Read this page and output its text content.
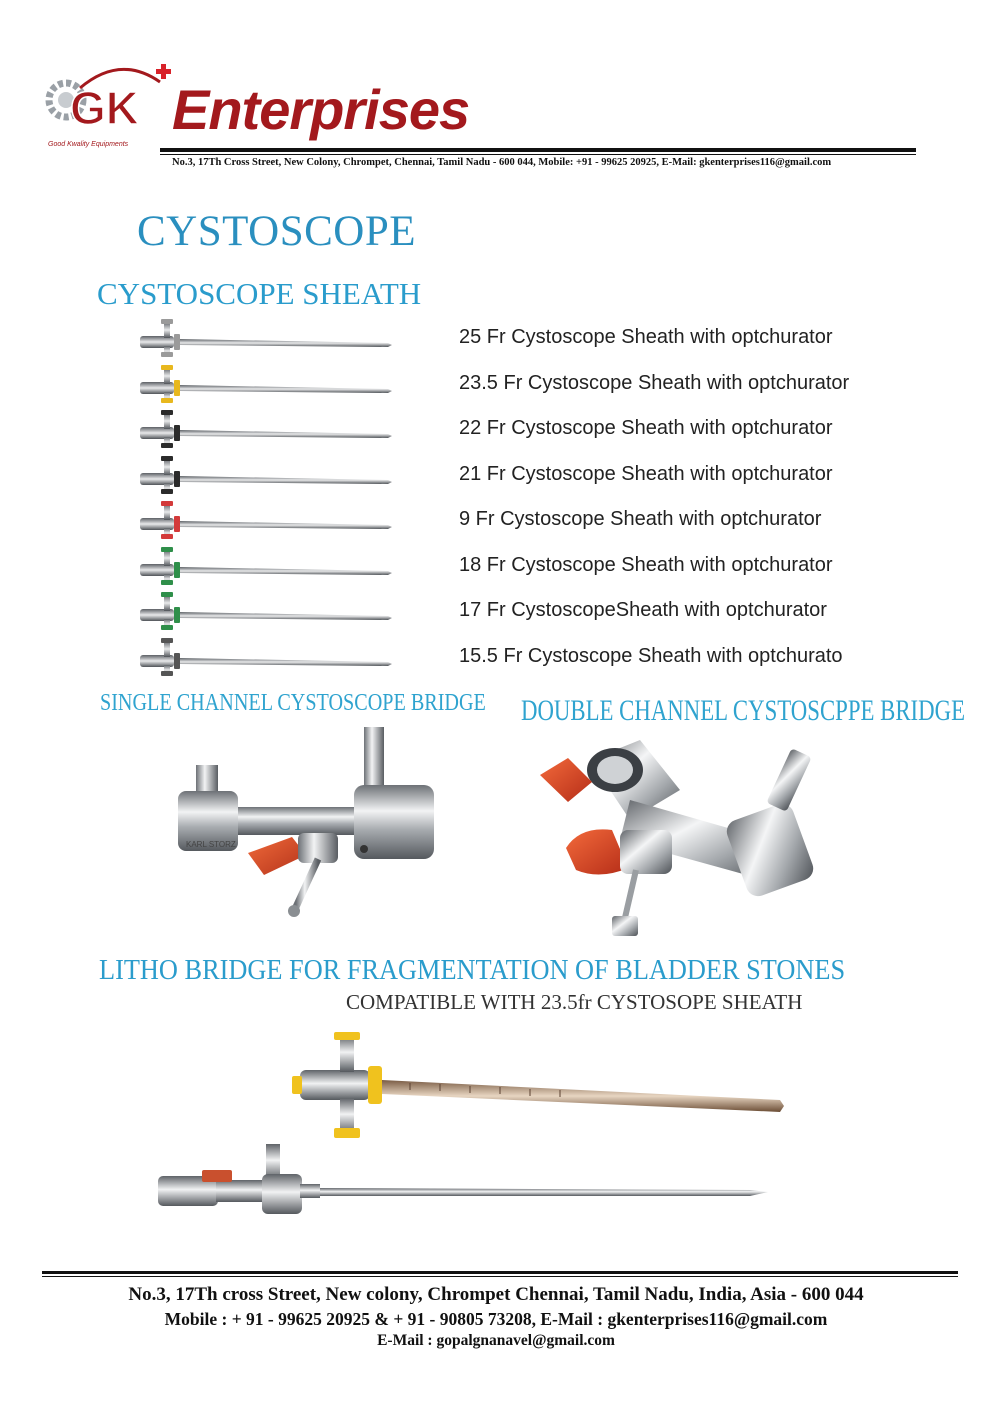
GK
Good Kwality Equipments
Enterprises
No.3, 17Th Cross Street, New Colony, Chrompet, Chennai, Tamil Nadu - 600 044, Mobile: +91 - 99625 20925, E-Mail: gkenterprises116@gmail.com
CYSTOSCOPE
CYSTOSCOPE SHEATH
25 Fr Cystoscope Sheath with optchurator
23.5 Fr Cystoscope Sheath with optchurator
22 Fr Cystoscope Sheath with optchurator
21 Fr Cystoscope Sheath with optchurator
9 Fr Cystoscope Sheath with optchurator
18 Fr Cystoscope Sheath with optchurator
17 Fr CystoscopeSheath with optchurator
15.5 Fr Cystoscope Sheath with optchurato
SINGLE CHANNEL CYSTOSCOPE BRIDGE DOUBLE CHANNEL CYSTOSCPPE BRIDGE
KARL STORZ
LITHO BRIDGE FOR FRAGMENTATION OF BLADDER STONES
COMPATIBLE WITH 23.5fr CYSTOSOPE SHEATH
No.3, 17Th cross Street, New colony, Chrompet Chennai, Tamil Nadu, India, Asia - 600 044
Mobile : + 91 - 99625 20925 & + 91 - 90805 73208, E-Mail : gkenterprises116@gmail.com
E-Mail : gopalgnanavel@gmail.com
